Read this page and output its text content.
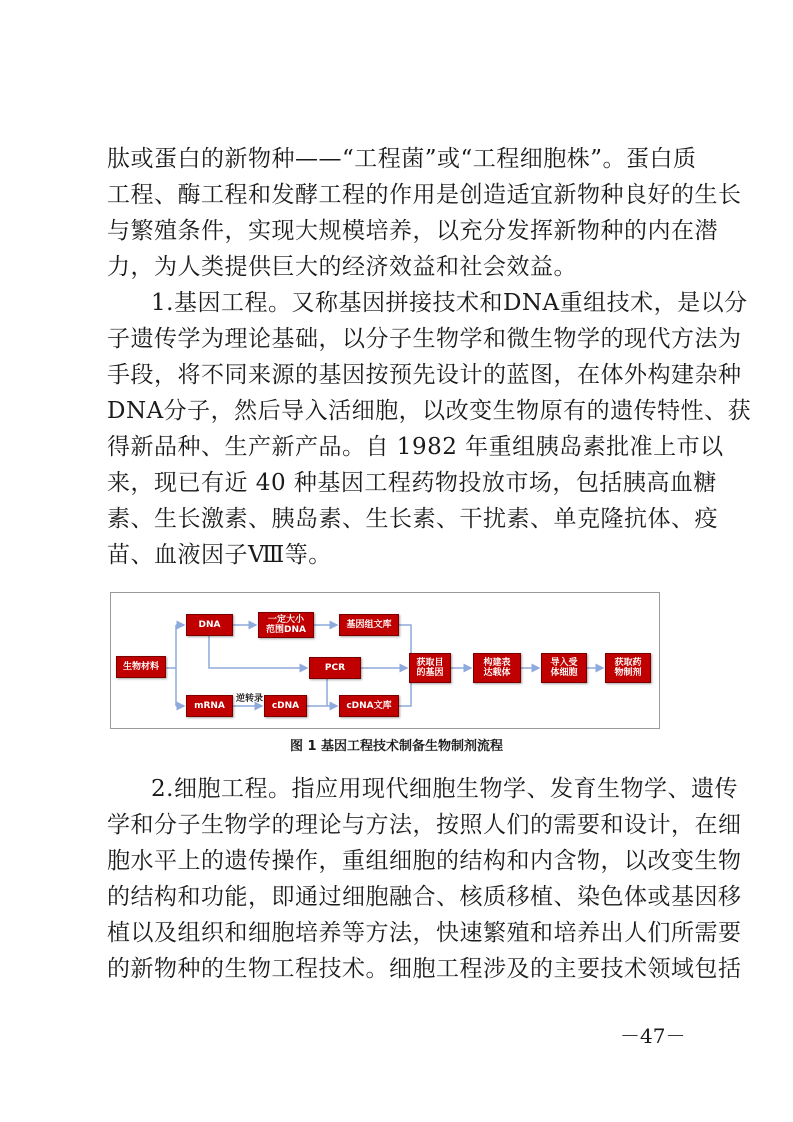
肽或蛋白的新物种——“工程菌”或“工程细胞株”。蛋白质
工程、酶工程和发酵工程的作用是创造适宜新物种良好的生长
与繁殖条件，实现大规模培养，以充分发挥新物种的内在潜
力，为人类提供巨大的经济效益和社会效益。
1.基因工程。又称基因拼接技术和DNA重组技术，是以分
子遗传学为理论基础，以分子生物学和微生物学的现代方法为
手段，将不同来源的基因按预先设计的蓝图，在体外构建杂种
DNA分子，然后导入活细胞，以改变生物原有的遗传特性、获
得新品种、生产新产品。自 1982 年重组胰岛素批准上市以
来，现已有近 40 种基因工程药物投放市场，包括胰高血糖
素、生长激素、胰岛素、生长素、干扰素、单克隆抗体、疫
苗、血液因子Ⅷ等。
生物材料
DNA	一定大小
范围DNA	基因组文库
PCR
mRNA
逆转录
cDNA	cDNA文库
获取目
的基因
构建表
达载体
导入受
体细胞
获取药
物制剂
图 1 基因工程技术制备生物制剂流程
2.细胞工程。指应用现代细胞生物学、发育生物学、遗传
学和分子生物学的理论与方法，按照人们的需要和设计，在细
胞水平上的遗传操作，重组细胞的结构和内含物，以改变生物
的结构和功能，即通过细胞融合、核质移植、染色体或基因移
植以及组织和细胞培养等方法，快速繁殖和培养出人们所需要
的新物种的生物工程技术。细胞工程涉及的主要技术领域包括
－47－
